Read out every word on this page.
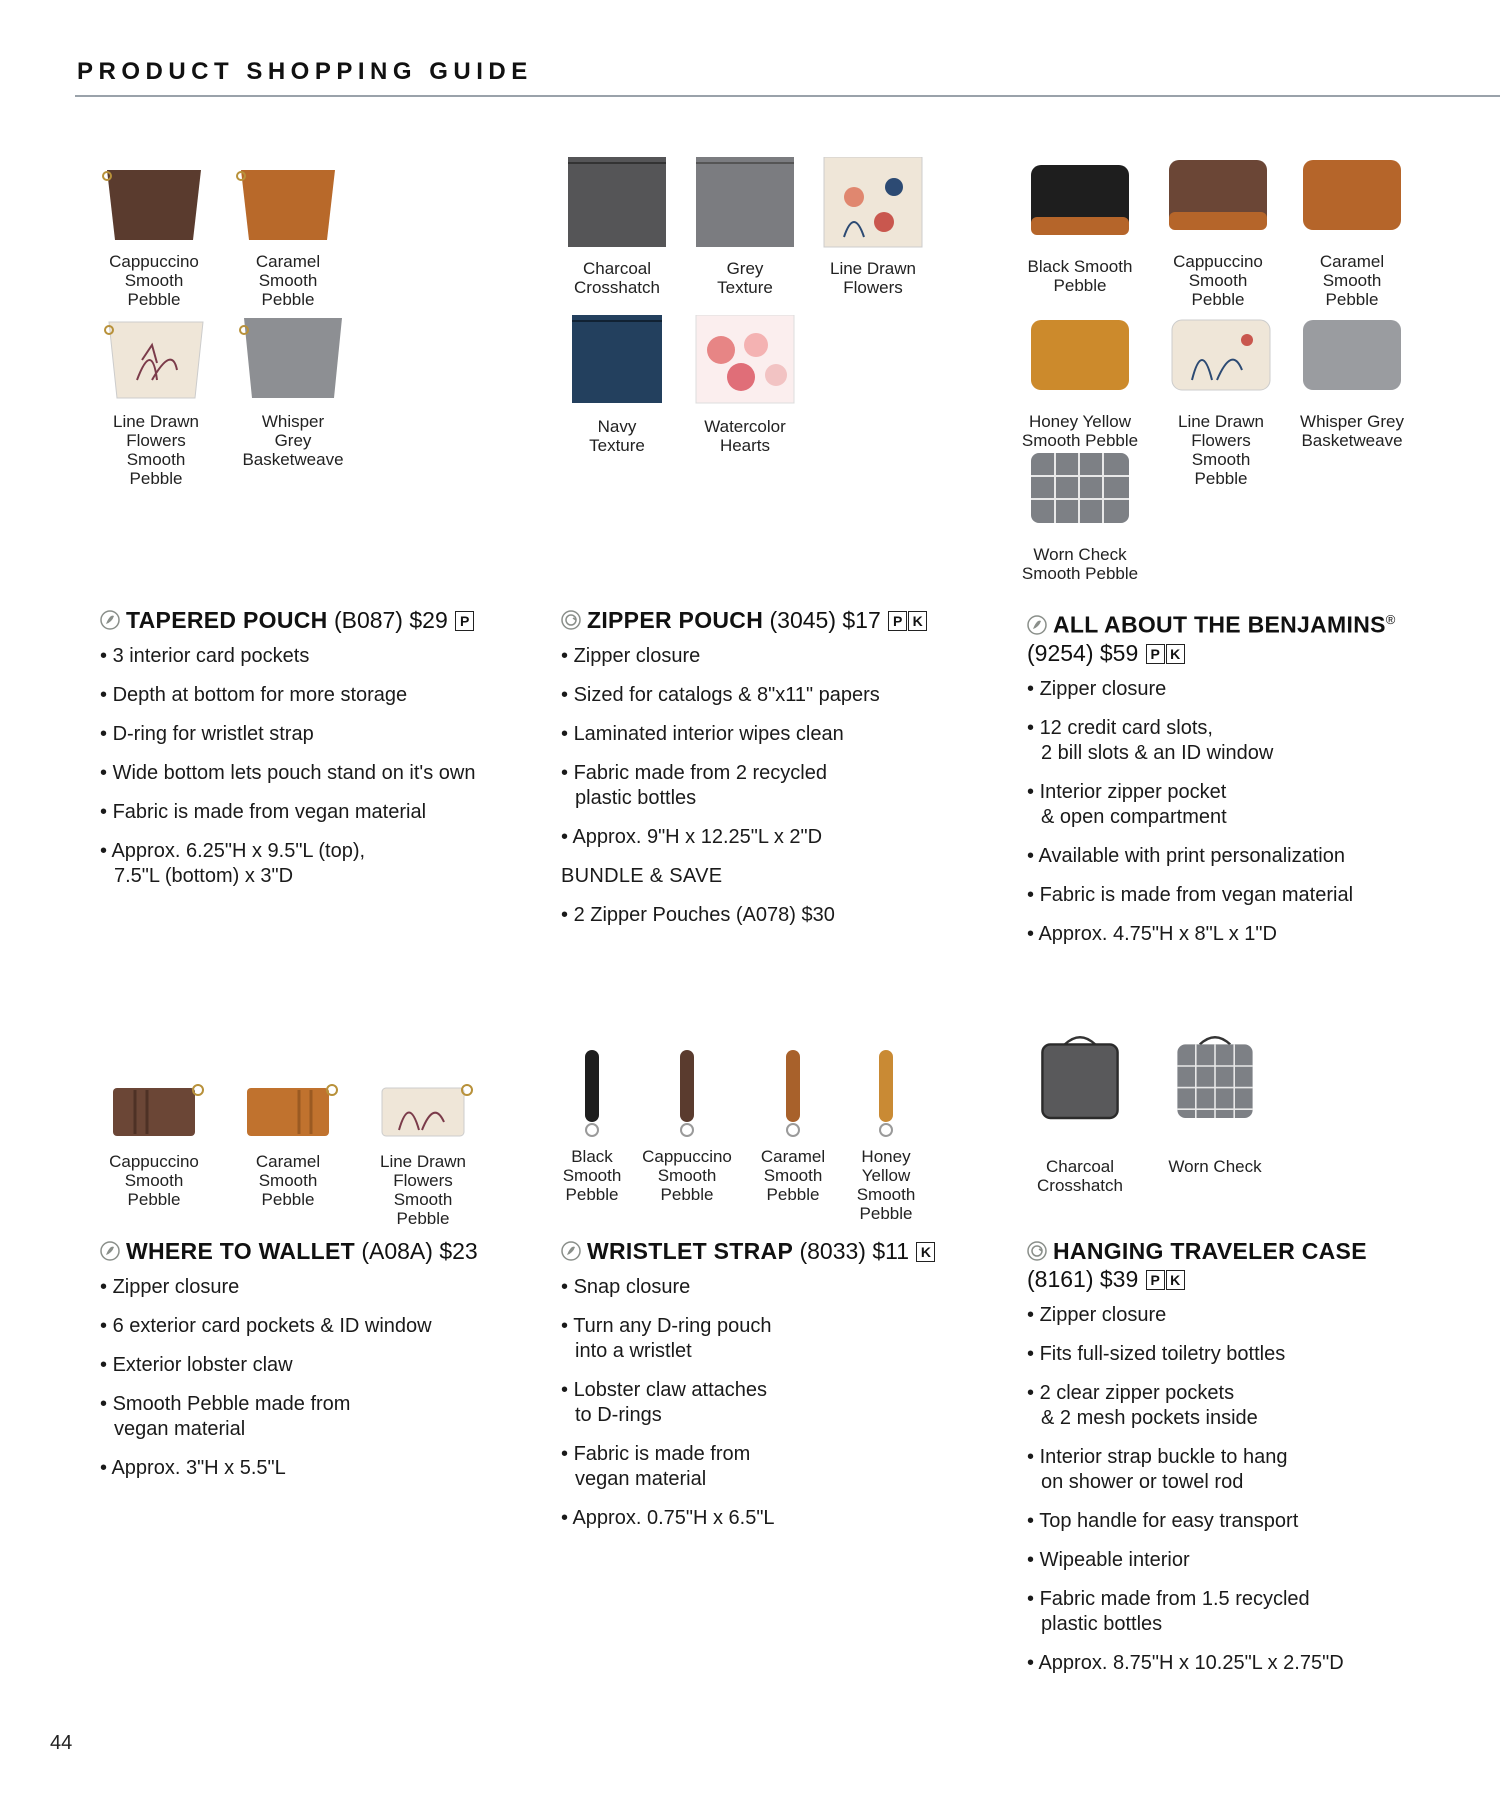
PRODUCT SHOPPING GUIDE
Cappuccino
Smooth
Pebble
Caramel
Smooth
Pebble
Line Drawn
Flowers
Smooth
Pebble
Whisper
Grey
Basketweave
Charcoal
Crosshatch
Grey
Texture
Line Drawn
Flowers
Navy
Texture
Watercolor
Hearts
Black Smooth
Pebble
Cappuccino
Smooth
Pebble
Caramel
Smooth
Pebble
Honey Yellow
Smooth Pebble
Line Drawn
Flowers Smooth
Pebble
Whisper Grey
Basketweave
Worn Check
Smooth Pebble
TAPERED POUCH (B087) $29 P
• 3 interior card pockets
• Depth at bottom for more storage
• D-ring for wristlet strap
• Wide bottom lets pouch stand on it's own
• Fabric is made from vegan material
• Approx. 6.25"H x 9.5"L (top),
7.5"L (bottom) x 3"D
ZIPPER POUCH (3045) $17 P K
• Zipper closure
• Sized for catalogs & 8"x11" papers
• Laminated interior wipes clean
• Fabric made from 2 recycled
plastic bottles
• Approx. 9"H x 12.25"L x 2"D
BUNDLE & SAVE
• 2 Zipper Pouches (A078) $30
ALL ABOUT THE BENJAMINS®
(9254) $59 P K
• Zipper closure
• 12 credit card slots,
2 bill slots & an ID window
• Interior zipper pocket
& open compartment
• Available with print personalization
• Fabric is made from vegan material
• Approx. 4.75"H x 8"L x 1"D
Cappuccino
Smooth
Pebble
Caramel
Smooth
Pebble
Line Drawn
Flowers Smooth
Pebble
Black
Smooth
Pebble
Cappuccino
Smooth
Pebble
Caramel
Smooth
Pebble
Honey
Yellow
Smooth
Pebble
Charcoal
Crosshatch
Worn Check
WHERE TO WALLET (A08A) $23
• Zipper closure
• 6 exterior card pockets & ID window
• Exterior lobster claw
• Smooth Pebble made from
vegan material
• Approx. 3"H x 5.5"L
WRISTLET STRAP (8033) $11 K
• Snap closure
• Turn any D-ring pouch
into a wristlet
• Lobster claw attaches
to D-rings
• Fabric is made from
vegan material
• Approx. 0.75"H x 6.5"L
HANGING TRAVELER CASE
(8161) $39 P K
• Zipper closure
• Fits full-sized toiletry bottles
• 2 clear zipper pockets
& 2 mesh pockets inside
• Interior strap buckle to hang
on shower or towel rod
• Top handle for easy transport
• Wipeable interior
• Fabric made from 1.5 recycled
plastic bottles
• Approx. 8.75"H x 10.25"L x 2.75"D
44
